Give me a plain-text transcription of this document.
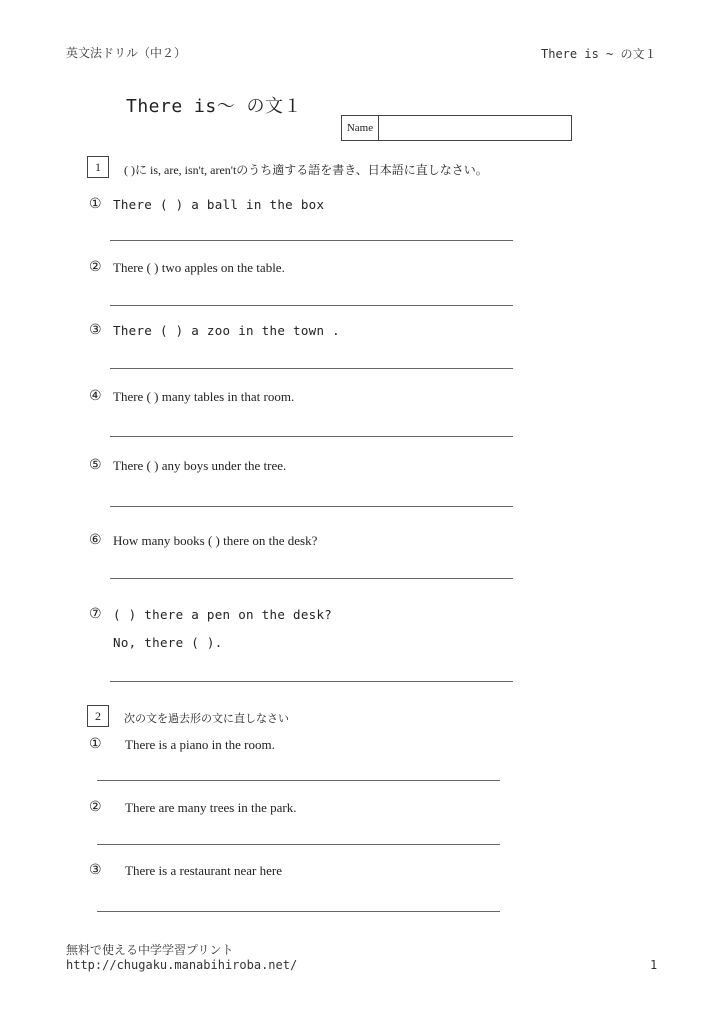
英文法ドリル（中２）	There is ~ の文１
There is〜 の文１
Name
1	( )に is, are, isn't, aren'tのうち適する語を書き、日本語に直しなさい。
① There ( ) a ball in the box
② There ( ) two apples on the table.
③ There ( ) a zoo in the town .
④ There ( ) many tables in that room.
⑤ There ( ) any boys under the tree.
⑥ How many books ( ) there on the desk?
⑦ ( ) there a pen on the desk?
No, there ( ).
2	次の文を過去形の文に直しなさい
① There is a piano in the room.
② There are many trees in the park.
③ There is a restaurant near here
無料で使える中学学習プリント
http://chugaku.manabihiroba.net/	1
